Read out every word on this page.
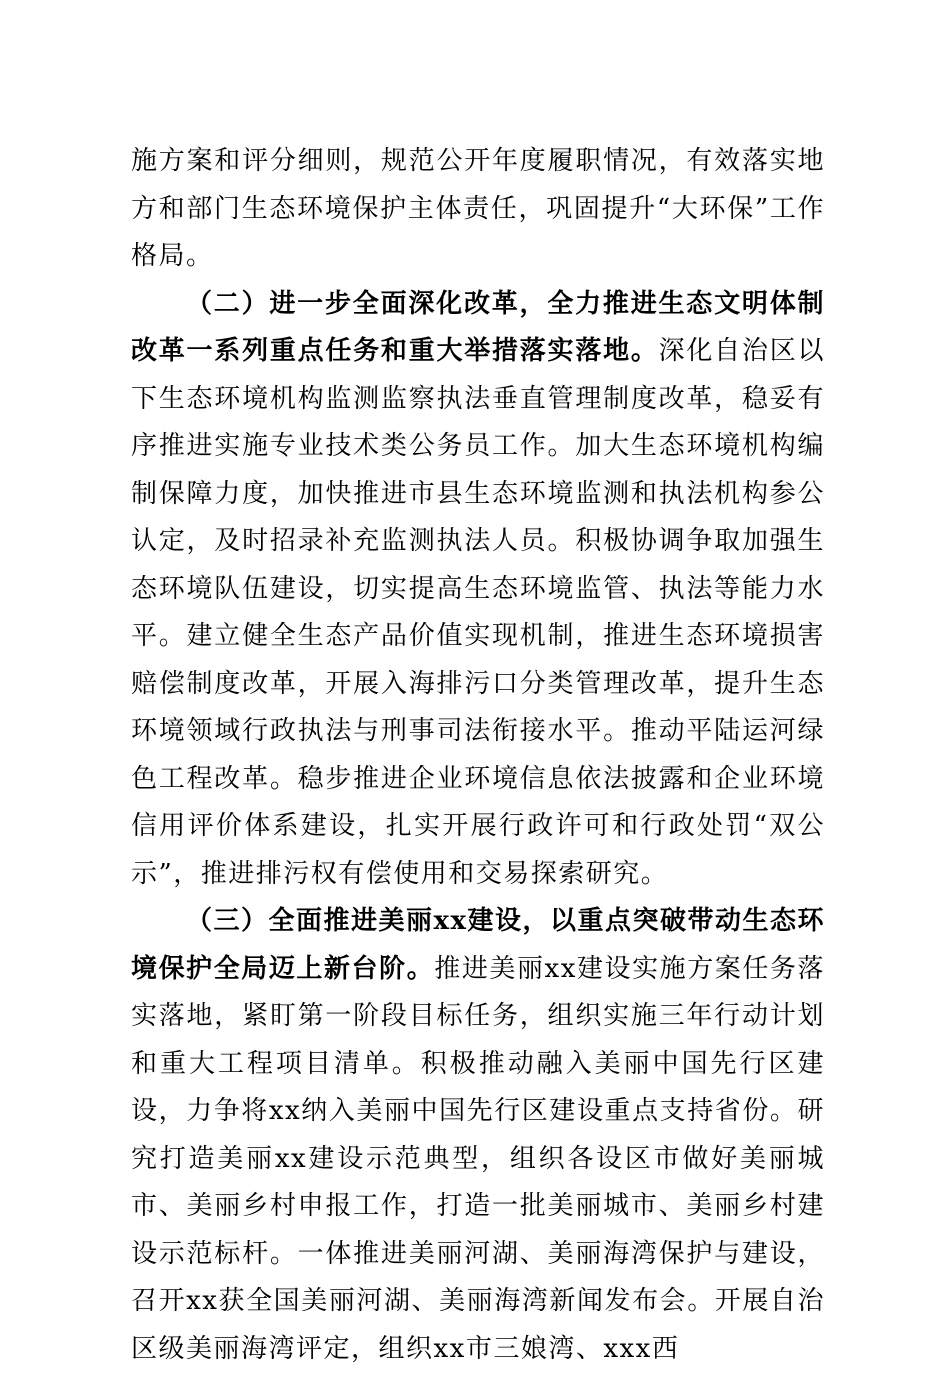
施方案和评分细则，规范公开年度履职情况，有效落实地方和部门生态环境保护主体责任，巩固提升“大环保”工作格局。

（二）进一步全面深化改革，全力推进生态文明体制改革一系列重点任务和重大举措落实落地。深化自治区以下生态环境机构监测监察执法垂直管理制度改革，稳妥有序推进实施专业技术类公务员工作。加大生态环境机构编制保障力度，加快推进市县生态环境监测和执法机构参公认定，及时招录补充监测执法人员。积极协调争取加强生态环境队伍建设，切实提高生态环境监管、执法等能力水平。建立健全生态产品价值实现机制，推进生态环境损害赔偿制度改革，开展入海排污口分类管理改革，提升生态环境领域行政执法与刑事司法衔接水平。推动平陆运河绿色工程改革。稳步推进企业环境信息依法披露和企业环境信用评价体系建设，扎实开展行政许可和行政处罚“双公示”，推进排污权有偿使用和交易探索研究。

（三）全面推进美丽xx建设，以重点突破带动生态环境保护全局迈上新台阶。推进美丽xx建设实施方案任务落实落地，紧盯第一阶段目标任务，组织实施三年行动计划和重大工程项目清单。积极推动融入美丽中国先行区建设，力争将xx纳入美丽中国先行区建设重点支持省份。研究打造美丽xx建设示范典型，组织各设区市做好美丽城市、美丽乡村申报工作，打造一批美丽城市、美丽乡村建设示范标杆。一体推进美丽河湖、美丽海湾保护与建设，召开xx获全国美丽河湖、美丽海湾新闻发布会。开展自治区级美丽海湾评定，组织xx市三娘湾、xxx西
